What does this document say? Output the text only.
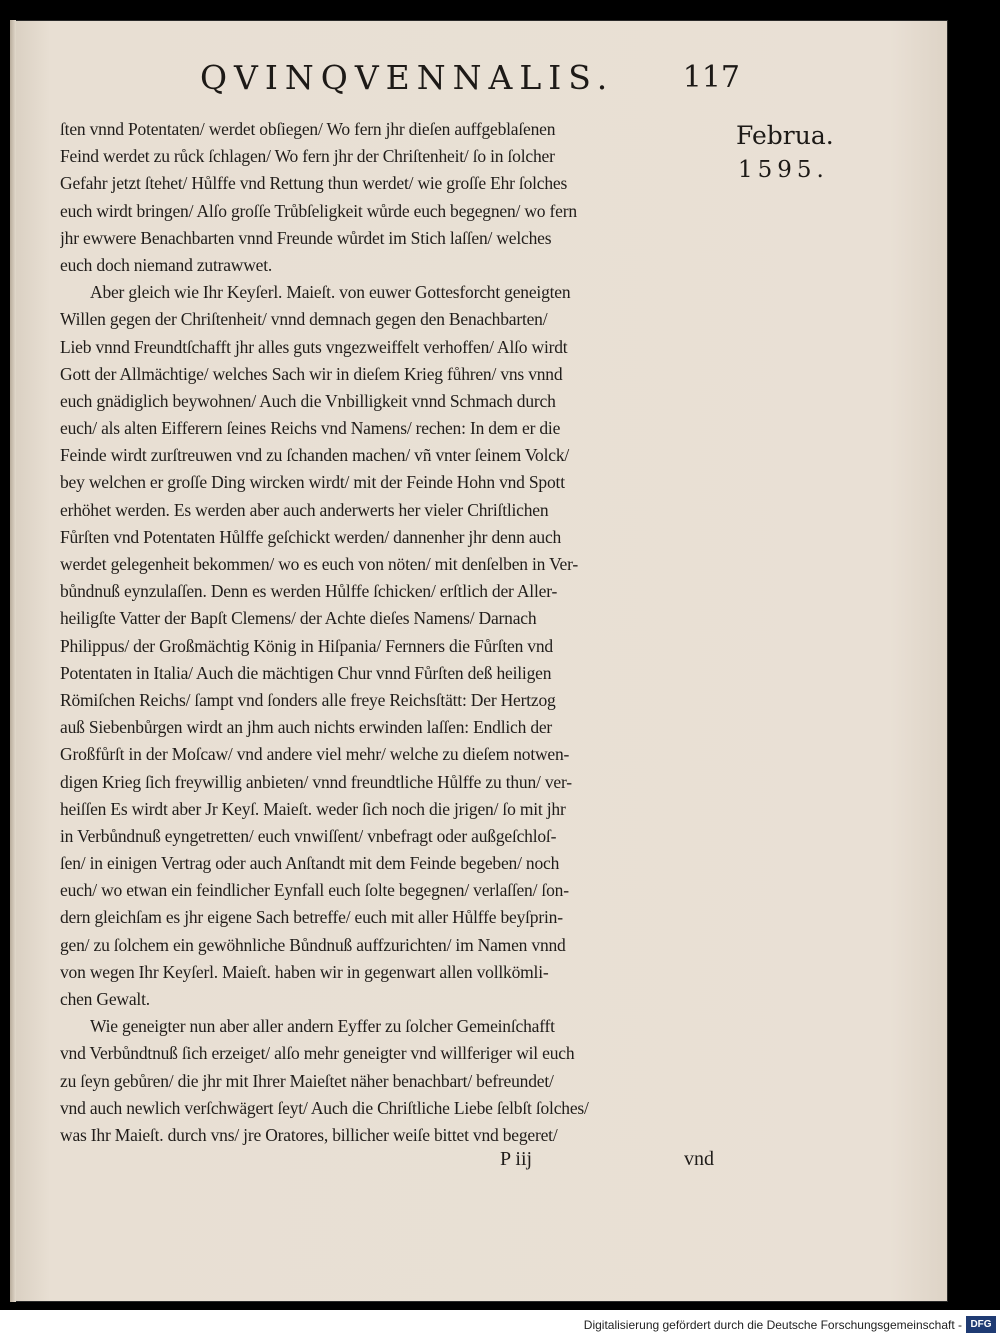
QVINQVENNALIS. 117
Februa.
1595.
ſten vnnd Potentaten/ werdet obſiegen/ Wo fern jhr dieſen auffgeblaſenen
Feind werdet zu růck ſchlagen/ Wo fern jhr der Chriſtenheit/ ſo in ſolcher
Gefahr jetzt ſtehet/ Hůlffe vnd Rettung thun werdet/ wie groſſe Ehr ſolches
euch wirdt bringen/ Alſo groſſe Trůbſeligkeit wůrde euch begegnen/ wo fern
jhr ewwere Benachbarten vnnd Freunde wůrdet im Stich laſſen/ welches
euch doch niemand zutrawwet.
Aber gleich wie Ihr Keyſerl. Maieſt. von euwer Gottesforcht geneigten
Willen gegen der Chriſtenheit/ vnnd demnach gegen den Benachbarten/
Lieb vnnd Freundtſchafft jhr alles guts vngezweiffelt verhoffen/ Alſo wirdt
Gott der Allmächtige/ welches Sach wir in dieſem Krieg fůhren/ vns vnnd
euch gnädiglich beywohnen/ Auch die Vnbilligkeit vnnd Schmach durch
euch/ als alten Eifferern ſeines Reichs vnd Namens/ rechen: In dem er die
Feinde wirdt zurſtreuwen vnd zu ſchanden machen/ vñ vnter ſeinem Volck/
bey welchen er groſſe Ding wircken wirdt/ mit der Feinde Hohn vnd Spott
erhöhet werden. Es werden aber auch anderwerts her vieler Chriſtlichen
Fůrſten vnd Potentaten Hůlffe geſchickt werden/ dannenher jhr denn auch
werdet gelegenheit bekommen/ wo es euch von nöten/ mit denſelben in Ver-
bůndnuß eynzulaſſen. Denn es werden Hůlffe ſchicken/ erſtlich der Aller-
heiligſte Vatter der Bapſt Clemens/ der Achte dieſes Namens/ Darnach
Philippus/ der Großmächtig König in Hiſpania/ Fernners die Fůrſten vnd
Potentaten in Italia/ Auch die mächtigen Chur vnnd Fůrſten deß heiligen
Römiſchen Reichs/ ſampt vnd ſonders alle freye Reichsſtätt: Der Hertzog
auß Siebenbůrgen wirdt an jhm auch nichts erwinden laſſen: Endlich der
Großfůrſt in der Moſcaw/ vnd andere viel mehr/ welche zu dieſem notwen-
digen Krieg ſich freywillig anbieten/ vnnd freundtliche Hůlffe zu thun/ ver-
heiſſen Es wirdt aber Jr Keyſ. Maieſt. weder ſich noch die jrigen/ ſo mit jhr
in Verbůndnuß eyngetretten/ euch vnwiſſent/ vnbefragt oder außgeſchloſ-
ſen/ in einigen Vertrag oder auch Anſtandt mit dem Feinde begeben/ noch
euch/ wo etwan ein feindlicher Eynfall euch ſolte begegnen/ verlaſſen/ ſon-
dern gleichſam es jhr eigene Sach betreffe/ euch mit aller Hůlffe beyſprin-
gen/ zu ſolchem ein gewöhnliche Bůndnuß auffzurichten/ im Namen vnnd
von wegen Ihr Keyſerl. Maieſt. haben wir in gegenwart allen vollkömli-
chen Gewalt.
Wie geneigter nun aber aller andern Eyffer zu ſolcher Gemeinſchafft
vnd Verbůndtnuß ſich erzeiget/ alſo mehr geneigter vnd willferiger wil euch
zu ſeyn gebůren/ die jhr mit Ihrer Maieſtet näher benachbart/ befreundet/
vnd auch newlich verſchwägert ſeyt/ Auch die Chriſtliche Liebe ſelbſt ſolches/
was Ihr Maieſt. durch vns/ jre Oratores, billicher weiſe bittet vnd begeret/
P iij	vnd
Digitalisierung gefördert durch die Deutsche Forschungsgemeinschaft - DFG
